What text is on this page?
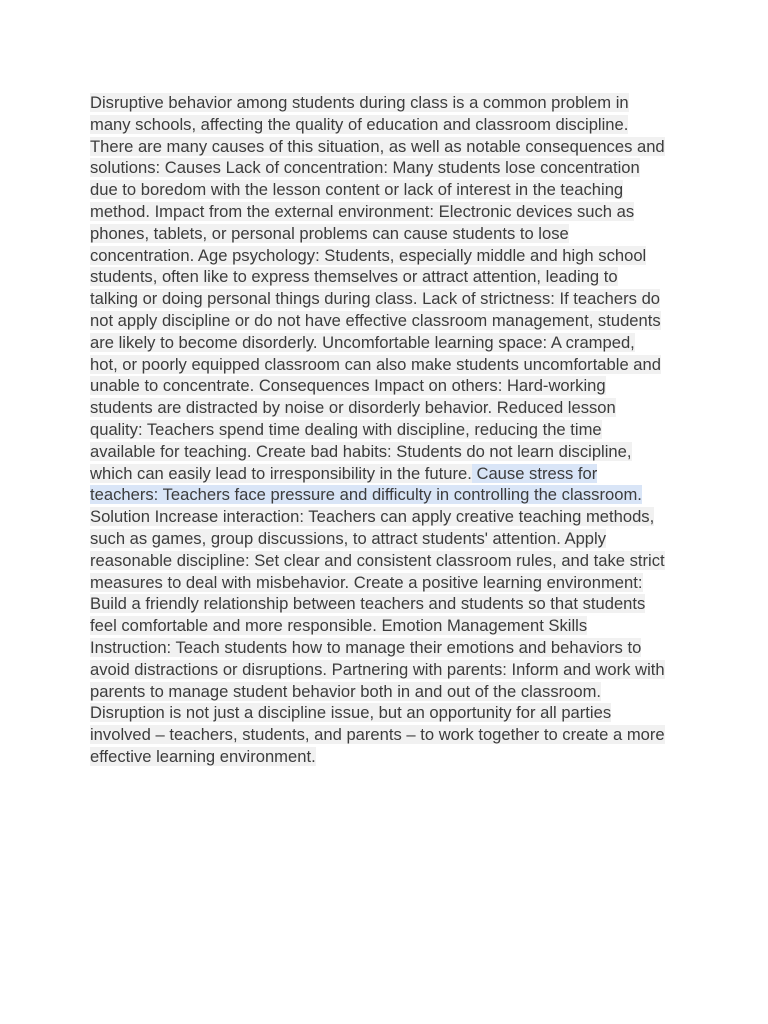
Disruptive behavior among students during class is a common problem in
many schools, affecting the quality of education and classroom discipline.
There are many causes of this situation, as well as notable consequences and
solutions: Causes Lack of concentration: Many students lose concentration
due to boredom with the lesson content or lack of interest in the teaching
method. Impact from the external environment: Electronic devices such as
phones, tablets, or personal problems can cause students to lose
concentration. Age psychology: Students, especially middle and high school
students, often like to express themselves or attract attention, leading to
talking or doing personal things during class. Lack of strictness: If teachers do
not apply discipline or do not have effective classroom management, students
are likely to become disorderly. Uncomfortable learning space: A cramped,
hot, or poorly equipped classroom can also make students uncomfortable and
unable to concentrate. Consequences Impact on others: Hard-working
students are distracted by noise or disorderly behavior. Reduced lesson
quality: Teachers spend time dealing with discipline, reducing the time
available for teaching. Create bad habits: Students do not learn discipline,
which can easily lead to irresponsibility in the future. Cause stress for
teachers: Teachers face pressure and difficulty in controlling the classroom.
Solution Increase interaction: Teachers can apply creative teaching methods,
such as games, group discussions, to attract students' attention. Apply
reasonable discipline: Set clear and consistent classroom rules, and take strict
measures to deal with misbehavior. Create a positive learning environment:
Build a friendly relationship between teachers and students so that students
feel comfortable and more responsible. Emotion Management Skills
Instruction: Teach students how to manage their emotions and behaviors to
avoid distractions or disruptions. Partnering with parents: Inform and work with
parents to manage student behavior both in and out of the classroom.
Disruption is not just a discipline issue, but an opportunity for all parties
involved – teachers, students, and parents – to work together to create a more
effective learning environment.
